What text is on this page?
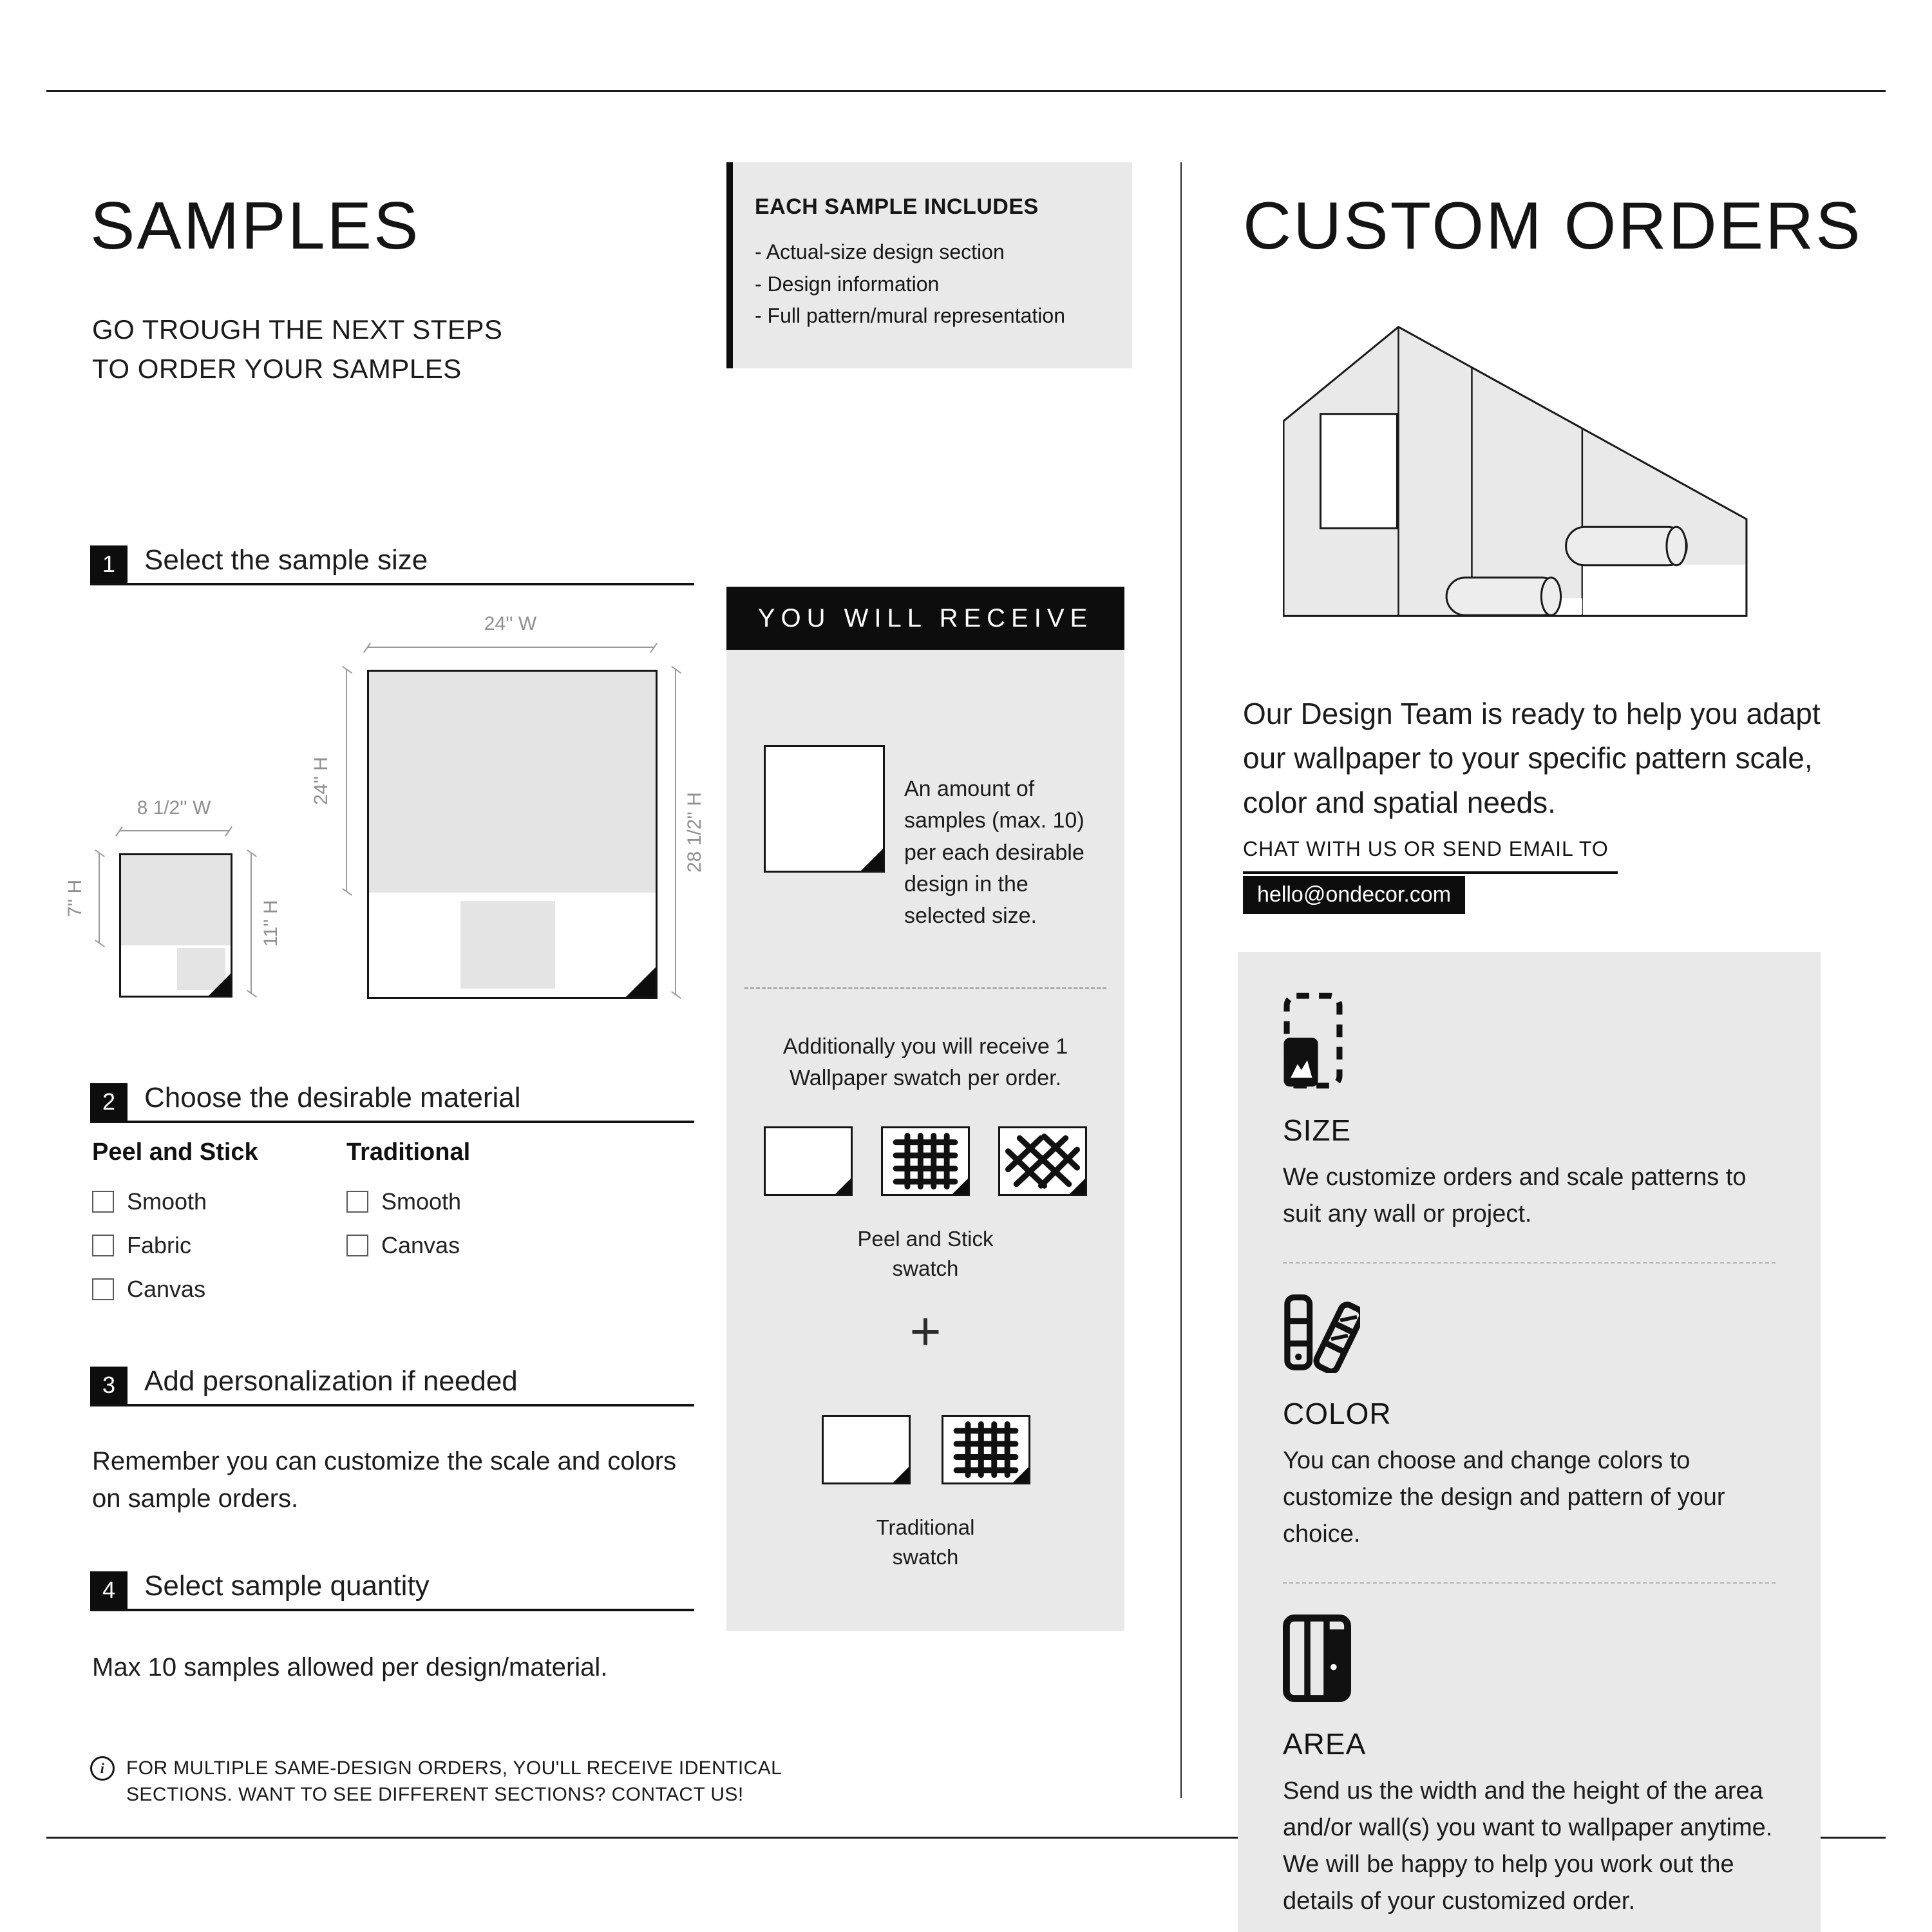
SAMPLES
GO TROUGH THE NEXT STEPS
TO ORDER YOUR SAMPLES
EACH SAMPLE INCLUDES
- Actual-size design section
- Design information
- Full pattern/mural representation
1	Select the sample size
8 1/2'' W
7'' H
11'' H
24'' W
24'' H
28 1/2'' H
2	Choose the desirable material
Peel and Stick
Smooth
Fabric
Canvas
Traditional
Smooth
Canvas
3	Add personalization if needed

Remember you can customize the scale and colors on sample orders.

4	Select sample quantity

Max 10 samples allowed per design/material.

i	FOR MULTIPLE SAME-DESIGN ORDERS, YOU'LL RECEIVE IDENTICAL
SECTIONS. WANT TO SEE DIFFERENT SECTIONS? CONTACT US!
YOU WILL RECEIVE
An amount of samples (max. 10) per each desirable design in the selected size.
Additionally you will receive 1 Wallpaper swatch per order.
Peel and Stick swatch
+
Traditional swatch
CUSTOM ORDERS

Our Design Team is ready to help you adapt our wallpaper to your specific pattern scale, color and spatial needs.

CHAT WITH US OR SEND EMAIL TO
hello@ondecor.com
SIZE

We customize orders and scale patterns to suit any wall or project.

COLOR

You can choose and change colors to customize the design and pattern of your choice.

AREA

Send us the width and the height of the area and/or wall(s) you want to wallpaper anytime. We will be happy to help you work out the details of your customized order.
